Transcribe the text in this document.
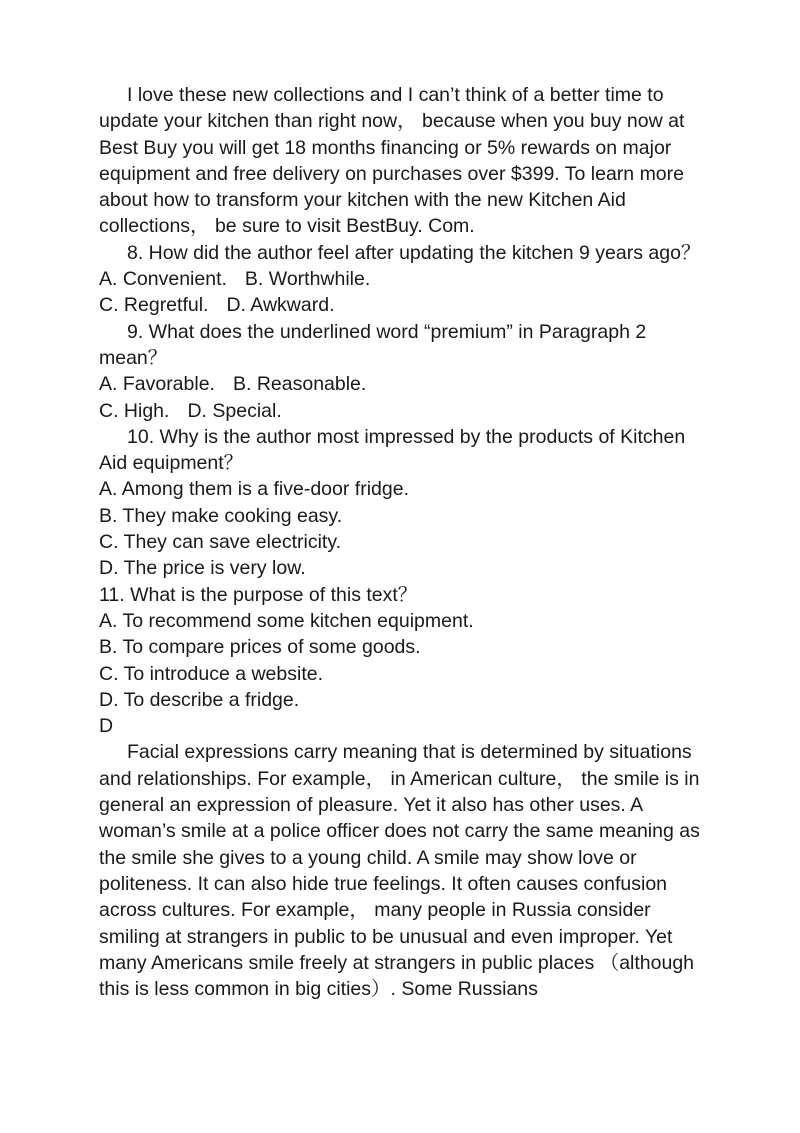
I love these new collections and I can’t think of a better time to update your kitchen than right now， because when you buy now at Best Buy you will get 18 months financing or 5% rewards on major equipment and free delivery on purchases over $399. To learn more about how to transform your kitchen with the new Kitchen Aid collections， be sure to visit BestBuy. Com.

8. How did the author feel after updating the kitchen 9 years ago？

A. Convenient. B. Worthwhile.

C. Regretful. D. Awkward.

9. What does the underlined word “premium” in Paragraph 2 mean？

A. Favorable. B. Reasonable.

C. High. D. Special.

10. Why is the author most impressed by the products of Kitchen Aid equipment？

A. Among them is a five-door fridge.

B. They make cooking easy.

C. They can save electricity.

D. The price is very low.

11. What is the purpose of this text？

A. To recommend some kitchen equipment.

B. To compare prices of some goods.

C. To introduce a website.

D. To describe a fridge.

D

Facial expressions carry meaning that is determined by situations and relationships. For example， in American culture， the smile is in general an expression of pleasure. Yet it also has other uses. A woman’s smile at a police officer does not carry the same meaning as the smile she gives to a young child. A smile may show love or politeness. It can also hide true feelings. It often causes confusion across cultures. For example， many people in Russia consider smiling at strangers in public to be unusual and even improper. Yet many Americans smile freely at strangers in public places （although this is less common in big cities）. Some Russians
